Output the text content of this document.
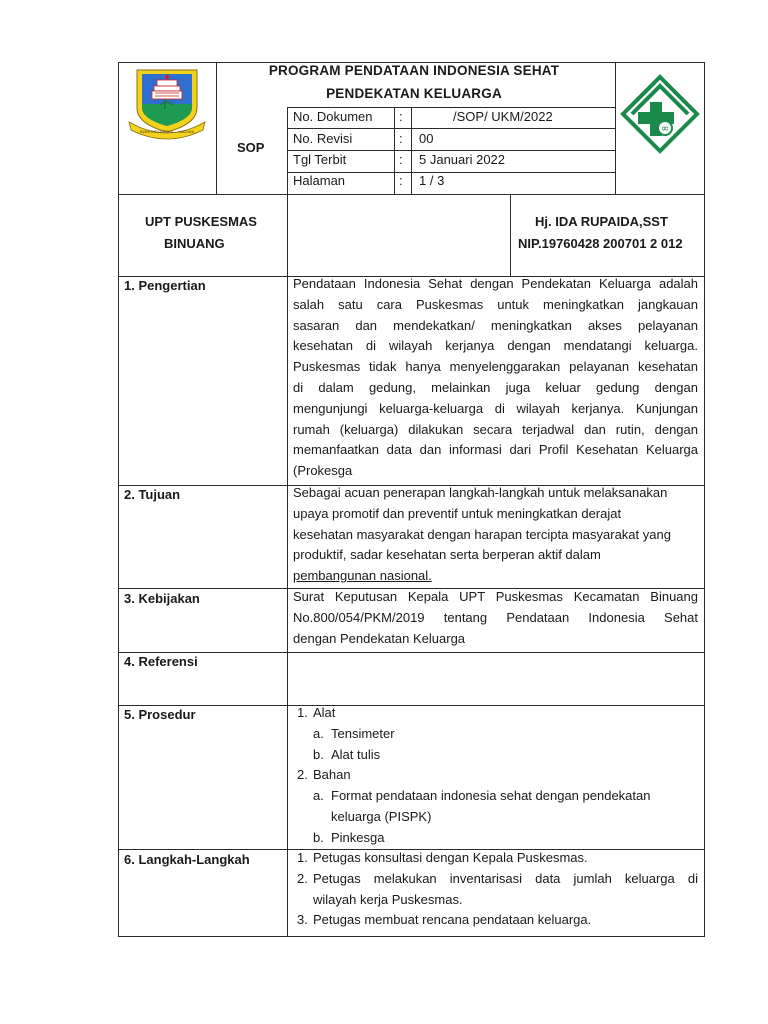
BUMI INDONESIA ... MADANI	∞
PROGRAM PENDATAAN INDONESIA SEHAT
PENDEKATAN KELUARGA
SOP
No. Dokumen :	/SOP/ UKM/2022
No. Revisi	: 00
Tgl Terbit	: 5 Januari 2022
Halaman	: 1 / 3
UPT PUSKESMAS
BINUANG
Hj. IDA RUPAIDA,SST
NIP.19760428 200701 2 012
1. Pengertian	Pendataan Indonesia Sehat dengan Pendekatan Keluarga adalah
salah satu cara Puskesmas untuk meningkatkan jangkauan
sasaran dan mendekatkan/ meningkatkan akses pelayanan
kesehatan di wilayah kerjanya dengan mendatangi keluarga.
Puskesmas tidak hanya menyelenggarakan pelayanan kesehatan
di dalam gedung, melainkan juga keluar gedung dengan
mengunjungi keluarga-keluarga di wilayah kerjanya. Kunjungan
rumah (keluarga) dilakukan secara terjadwal dan rutin, dengan
memanfaatkan data dan informasi dari Profil Kesehatan Keluarga
(Prokesga
2. Tujuan	Sebagai acuan penerapan langkah-langkah untuk melaksanakan
upaya promotif dan preventif untuk meningkatkan derajat
kesehatan masyarakat dengan harapan tercipta masyarakat yang
produktif, sadar kesehatan serta berperan aktif dalam
pembangunan nasional.
3. Kebijakan	Surat Keputusan Kepala UPT Puskesmas Kecamatan Binuang
No.800/054/PKM/2019 tentang Pendataan Indonesia Sehat
dengan Pendekatan Keluarga
4. Referensi
5. Prosedur	1. Alat
a. Tensimeter
b. Alat tulis
2. Bahan
a. Format pendataan indonesia sehat dengan pendekatan
keluarga (PISPK)
b. Pinkesga
6. Langkah-Langkah	1. Petugas konsultasi dengan Kepala Puskesmas.
2. Petugas melakukan inventarisasi data jumlah keluarga di
wilayah kerja Puskesmas.
3. Petugas membuat rencana pendataan keluarga.
